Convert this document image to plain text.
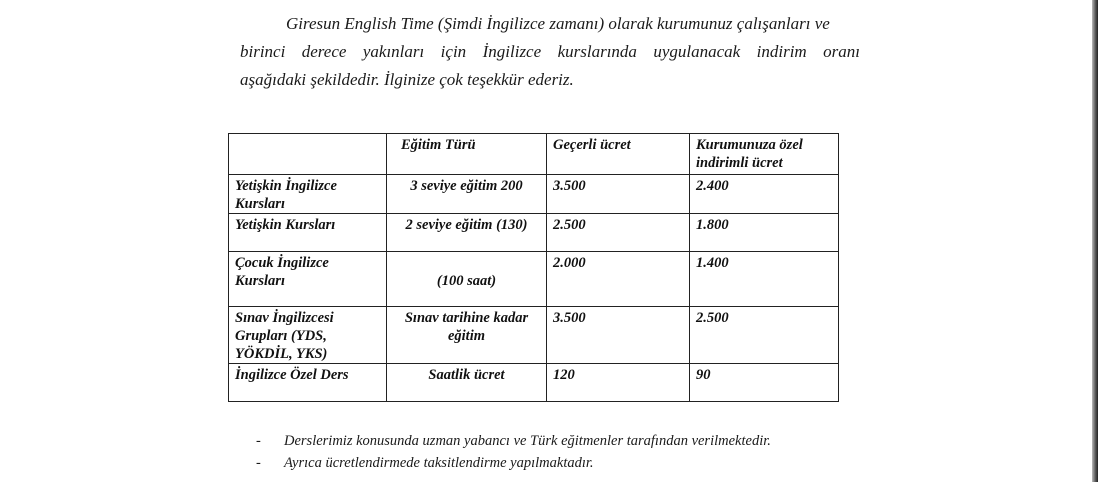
Giresun English Time (Şimdi İngilizce zamanı) olarak kurumunuz çalışanları ve
birinci derece yakınları için İngilizce kurslarında uygulanacak indirim oranı
aşağıdaki şekildedir. İlginize çok teşekkür ederiz.
	Eğitim Türü	Geçerli ücret	Kurumunuza özel indirimli ücret
Yetişkin İngilizce Kursları	3 seviye eğitim 200	3.500	2.400
Yetişkin Kursları	2 seviye eğitim (130)	2.500	1.800
Çocuk İngilizce Kursları	(100 saat)	2.000	1.400
Sınav İngilizcesi Grupları (YDS, YÖKDİL, YKS)	Sınav tarihine kadar eğitim	3.500	2.500
İngilizce Özel Ders	Saatlik ücret	120	90
-	Derslerimiz konusunda uzman yabancı ve Türk eğitmenler tarafından verilmektedir.
-	Ayrıca ücretlendirmede taksitlendirme yapılmaktadır.
